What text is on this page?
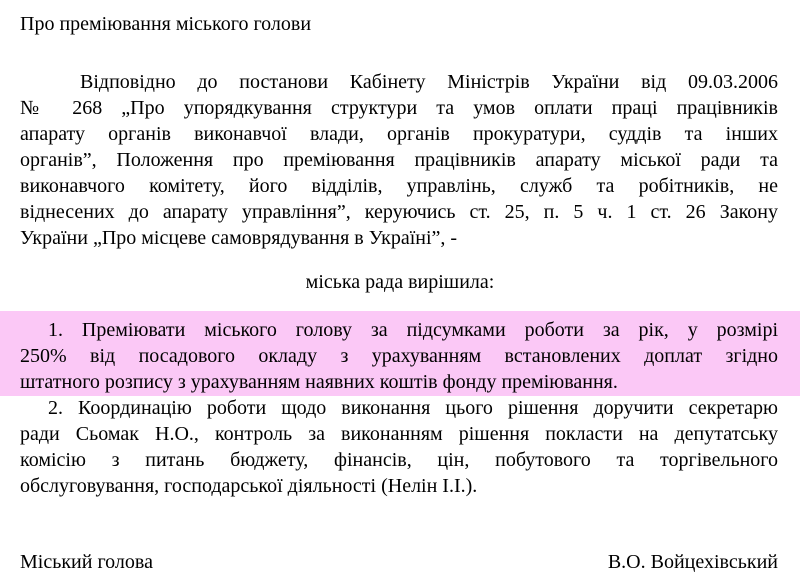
Про преміювання міського голови
Відповідно до постанови Кабінету Міністрів України від 09.03.2006
№ 268 „Про упорядкування структури та умов оплати праці працівників
апарату органів виконавчої влади, органів прокуратури, суддів та інших
органів”, Положення про преміювання працівників апарату міської ради та
виконавчого комітету, його відділів, управлінь, служб та робітників, не
віднесених до апарату управління”, керуючись ст. 25, п. 5 ч. 1 ст. 26 Закону
України „Про місцеве самоврядування в Україні”, -
міська рада вирішила:
1. Преміювати міського голову за підсумками роботи за рік, у розмірі
250% від посадового окладу з урахуванням встановлених доплат згідно
штатного розпису з урахуванням наявних коштів фонду преміювання.
2. Координацію роботи щодо виконання цього рішення доручити секретарю
ради Сьомак Н.О., контроль за виконанням рішення покласти на депутатську
комісію з питань бюджету, фінансів, цін, побутового та торгівельного
обслуговування, господарської діяльності (Нелін І.І.).
Міський голова	В.О. Войцехівський
